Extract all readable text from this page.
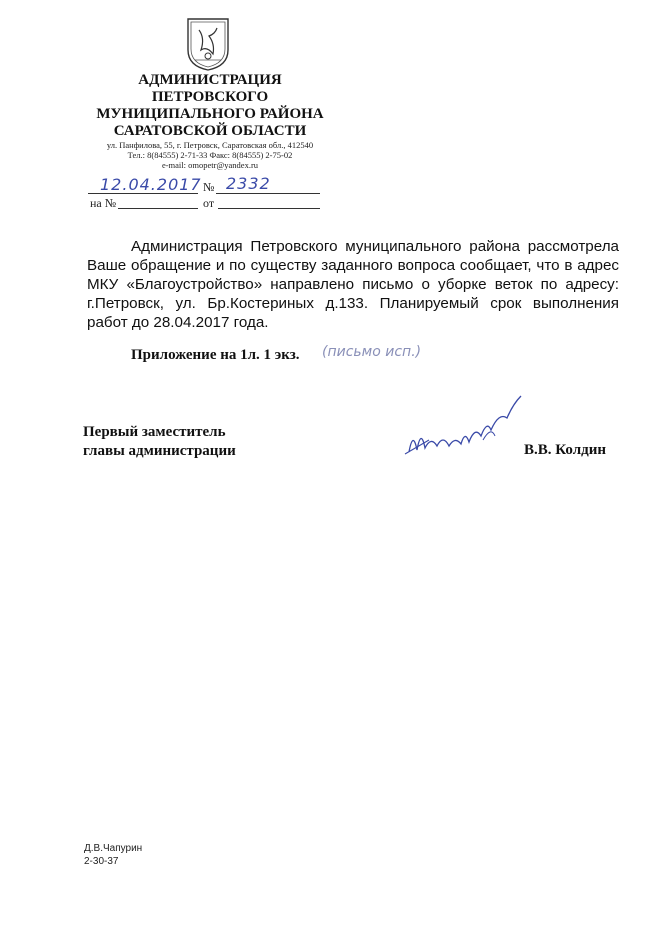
АДМИНИСТРАЦИЯ
ПЕТРОВСКОГО
МУНИЦИПАЛЬНОГО РАЙОНА
САРАТОВСКОЙ ОБЛАСТИ
ул. Панфилова, 55, г. Петровск, Саратовская обл., 412540
Тел.: 8(84555) 2-71-33 Факс: 8(84555) 2-75-02
e-mail: omopetr@yandex.ru
12.04.2017 № 2332
на №	от

Администрация Петровского муниципального района рассмотрела Ваше обращение и по существу заданного вопроса сообщает, что в адрес МКУ «Благоустройство» направлено письмо о уборке веток по адресу: г.Петровск, ул. Бр.Костериных д.133. Планируемый срок выполнения работ до 28.04.2017 года.

Приложение на 1л. 1 экз. (письмо исп.)
Первый заместитель
главы администрации	В.В. Колдин
Д.В.Чапурин
2-30-37
